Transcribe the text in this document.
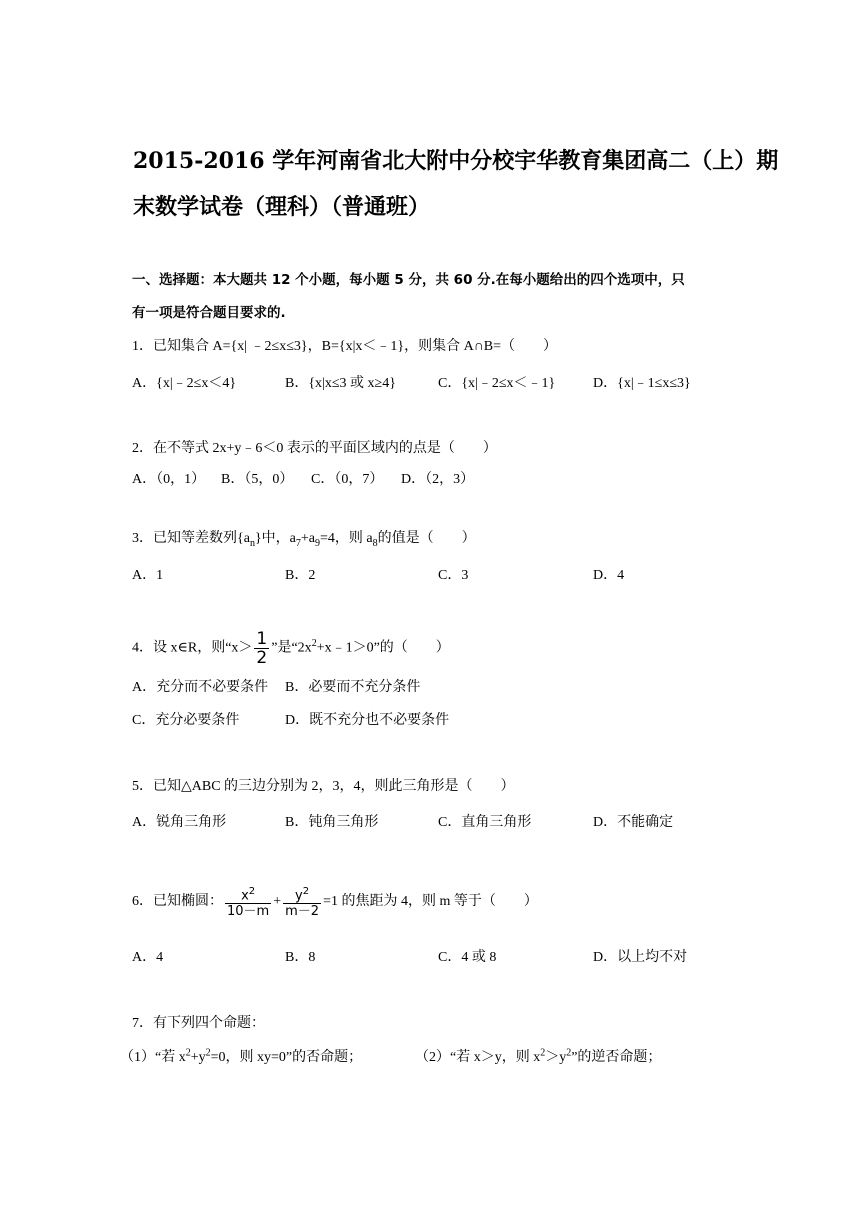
2015-2016 学年河南省北大附中分校宇华教育集团高二（上）期
末数学试卷（理科）（普通班）
一、选择题：本大题共 12 个小题，每小题 5 分，共 60 分.在每小题给出的四个选项中，只
有一项是符合题目要求的.
1．已知集合 A={x| ﹣2≤x≤3}，B={x|x＜﹣1}，则集合 A∩B=（　　）
A．{x|﹣2≤x＜4}	B．{x|x≤3 或 x≥4}	C．{x|﹣2≤x＜﹣1}	D．{x|﹣1≤x≤3}
2．在不等式 2x+y﹣6＜0 表示的平面区域内的点是（　　）
A．（0，1） B．（5，0） C．（0，7） D．（2，3）
3．已知等差数列$\{a_n\}$中，$a_7+a_9=4$，则 $a_8$的值是（　　）
A．1	B．2	C．3	D．4
4．设 x∈R，则“$x> \frac{1}{2}$ ”是“$2x^2+x﹣1>0$”的（　　）
A．充分而不必要条件 B．必要而不充分条件
C．充分必要条件	D．既不充分也不必要条件
5．已知△ABC 的三边分别为 2，3，4，则此三角形是（　　）
A．锐角三角形	B．钝角三角形	C．直角三角形	D．不能确定
6．已知椭圆： $\frac{x^2}{10-m} + \frac{y^2}{m-2} =1$ 的焦距为 4，则 m 等于（　　）
A．4	B．8	C．4 或 8	D．以上均不对
7．有下列四个命题：
（1）“若 $x^2+y^2=0$，则 xy=0”的否命题；	（2）“若 x＞y，则 $x^2>y^2$”的逆否命题；
